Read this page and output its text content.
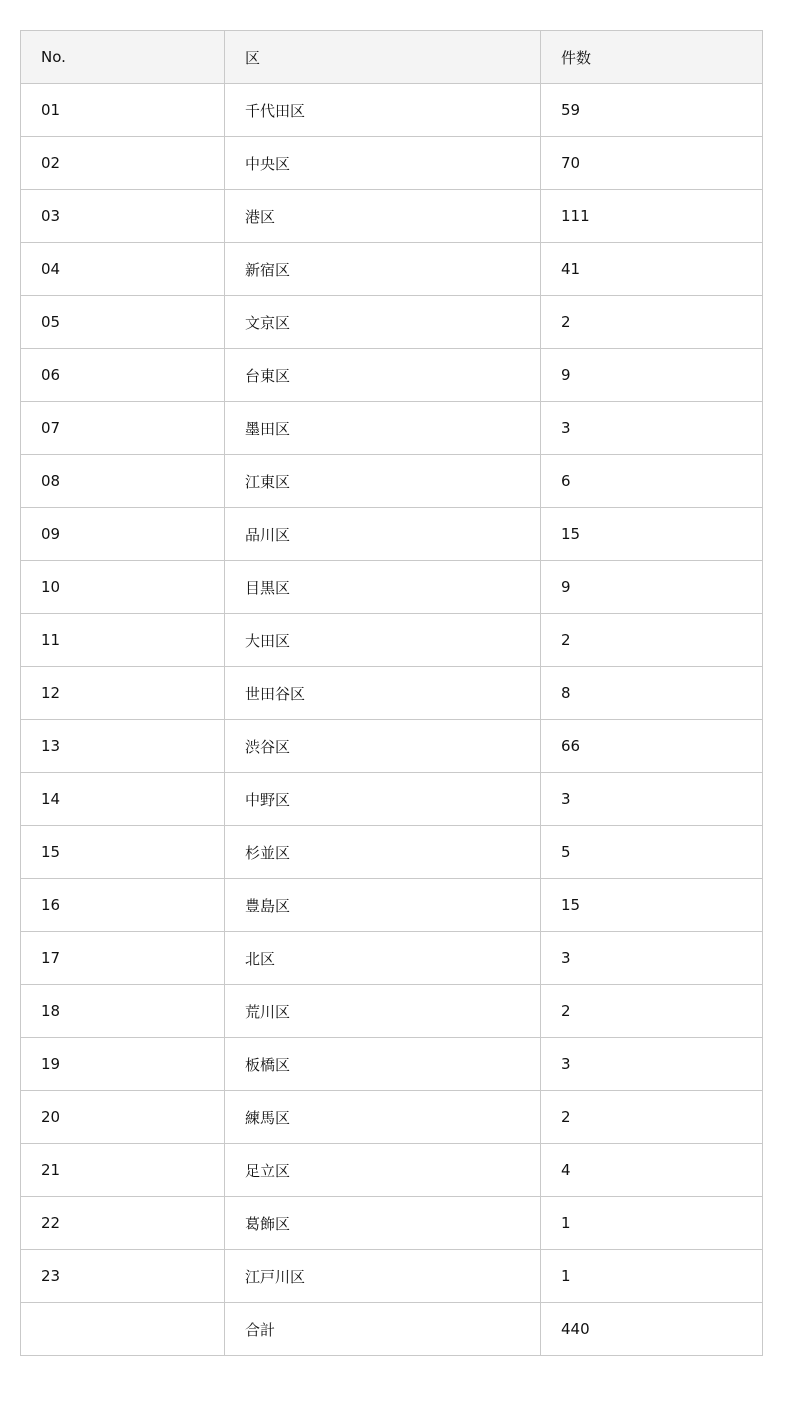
No.	区	件数
01	千代田区	59
02	中央区	70
03	港区	111
04	新宿区	41
05	文京区	2
06	台東区	9
07	墨田区	3
08	江東区	6
09	品川区	15
10	目黒区	9
11	大田区	2
12	世田谷区	8
13	渋谷区	66
14	中野区	3
15	杉並区	5
16	豊島区	15
17	北区	3
18	荒川区	2
19	板橋区	3
20	練馬区	2
21	足立区	4
22	葛飾区	1
23	江戸川区	1
	合計	440
